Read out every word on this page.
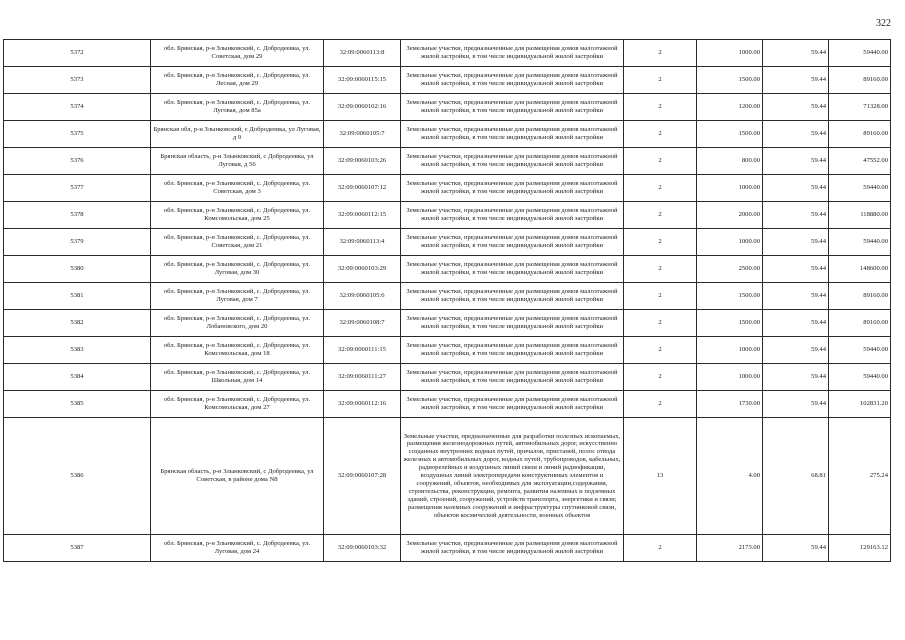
322
5372	обл. Брянская, р-н Злынковский, с. Добродеевка, ул. Советская, дом 29	32:09:0060113:8	Земельные участки, предназначенные для размещения домов малоэтажной жилой застройки, в том числе индивидуальной жилой застройки	2	1000.00	59.44	59440.00
5373	обл. Брянская, р-н Злынковский, с. Добродеевка, ул. Лесная, дом 29	32:09:0060115:15	Земельные участки, предназначенные для размещения домов малоэтажной жилой застройки, в том числе индивидуальной жилой застройки	2	1500.00	59.44	89160.00
5374	обл. Брянская, р-н Злынковский, с. Добродеевка, ул. Луговая, дом 85а	32:09:0060102:16	Земельные участки, предназначенные для размещения домов малоэтажной жилой застройки, в том числе индивидуальной жилой застройки	2	1200.00	59.44	71328.00
5375	Брянская обл, р-н Злынковский, с Добродеевка, ул Луговая, д 9	32:09:0060105:7	Земельные участки, предназначенные для размещения домов малоэтажной жилой застройки, в том числе индивидуальной жилой застройки	2	1500.00	59.44	89160.00
5376	Брянская область, р-н Злынковский, с Добродеевка, ул Луговая, д 56	32:09:0060103:26	Земельные участки, предназначенные для размещения домов малоэтажной жилой застройки, в том числе индивидуальной жилой застройки	2	800.00	59.44	47552.00
5377	обл. Брянская, р-н Злынковский, с. Добродеевка, ул. Советская, дом 3	32:09:0060107:12	Земельные участки, предназначенные для размещения домов малоэтажной жилой застройки, в том числе индивидуальной жилой застройки	2	1000.00	59.44	59440.00
5378	обл. Брянская, р-н Злынковский, с. Добродеевка, ул. Комсомольская, дом 25	32:09:0060112:15	Земельные участки, предназначенные для размещения домов малоэтажной жилой застройки, в том числе индивидуальной жилой застройки	2	2000.00	59.44	118880.00
5379	обл. Брянская, р-н Злынковский, с. Добродеевка, ул. Советская, дом 21	32:09:0060113:4	Земельные участки, предназначенные для размещения домов малоэтажной жилой застройки, в том числе индивидуальной жилой застройки	2	1000.00	59.44	59440.00
5380	обл. Брянская, р-н Злынковский, с. Добродеевка, ул. Луговая, дом 30	32:09:0060103:29	Земельные участки, предназначенные для размещения домов малоэтажной жилой застройки, в том числе индивидуальной жилой застройки	2	2500.00	59.44	148600.00
5381	обл. Брянская, р-н Злынковский, с. Добродеевка, ул. Луговая, дом 7	32:09:0060105:6	Земельные участки, предназначенные для размещения домов малоэтажной жилой застройки, в том числе индивидуальной жилой застройки	2	1500.00	59.44	89160.00
5382	обл. Брянская, р-н Злынковский, с. Добродеевка, ул. Лобановского, дом 20	32:09:0060108:7	Земельные участки, предназначенные для размещения домов малоэтажной жилой застройки, в том числе индивидуальной жилой застройки	2	1500.00	59.44	89160.00
5383	обл. Брянская, р-н Злынковский, с. Добродеевка, ул. Комсомольская, дом 18	32:09:0060111:15	Земельные участки, предназначенные для размещения домов малоэтажной жилой застройки, в том числе индивидуальной жилой застройки	2	1000.00	59.44	59440.00
5384	обл. Брянская, р-н Злынковский, с. Добродеевка, ул. Школьная, дом 14	32:09:0060111:27	Земельные участки, предназначенные для размещения домов малоэтажной жилой застройки, в том числе индивидуальной жилой застройки	2	1000.00	59.44	59440.00
5385	обл. Брянская, р-н Злынковский, с. Добродеевка, ул. Комсомольская, дом 27	32:09:0060112:16	Земельные участки, предназначенные для размещения домов малоэтажной жилой застройки, в том числе индивидуальной жилой застройки	2	1730.00	59.44	102831.20
5386	Брянская область, р-н Злынковский, с Добродеевка, ул Советская, в районе дома N8	32:09:0060107:28	Земельные участки, предназначенные для разработки полезных ископаемых, размещения железнодорожных путей, автомобильных дорог, искусственно созданных внутренних водных путей, причалов, пристаней, полос отвода железных и автомобильных дорог, водных путей, трубопроводов, кабельных, радиорелейных и воздушных линий связи и линий радиофикации, воздушных линий электропередачи конструктивных элементов и сооружений, объектов, необходимых для эксплуатации,содержания, строительства, реконструкции, ремонта, развития наземных и подземных зданий, строений, сооружений, устройств транспорта, энергетики и связи; размещения наземных сооружений и инфраструктуры спутниковой связи, объектов космической деятельности, военных объектов	13	4.00	68.81	275.24
5387	обл. Брянская, р-н Злынковский, с. Добродеевка, ул. Луговая, дом 24	32:09:0060103:32	Земельные участки, предназначенные для размещения домов малоэтажной жилой застройки, в том числе индивидуальной жилой застройки	2	2173.00	59.44	129163.12
